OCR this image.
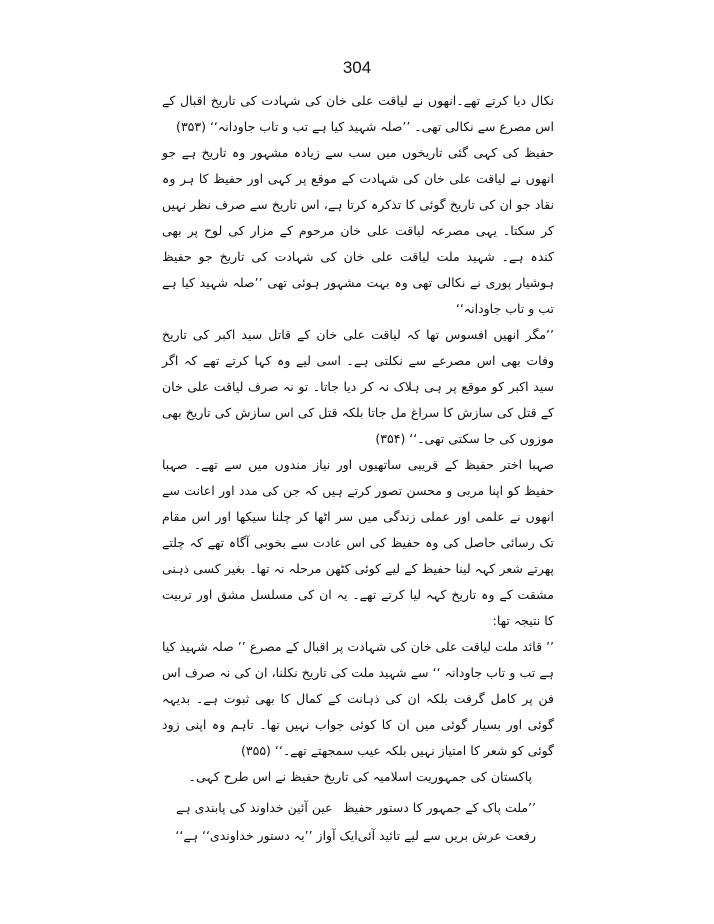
304

نکال دیا کرتے تھے۔انھوں نے لیاقت علی خان کی شہادت کی تاریخ اقبال کے اس مصرع سے نکالی تھی۔ ’’صلہ شہید کیا ہے تب و تاب جاودانہ‘‘ (۳۵۳)

حفیظ کی کہی گئی تاریخوں میں سب سے زیادہ مشہور وہ تاریخ ہے جو انھوں نے لیاقت علی خان کی شہادت کے موقع پر کہی اور حفیظ کا ہر وہ نقاد جو ان کی تاریخ گوئی کا تذکرہ کرتا ہے، اس تاریخ سے صرف نظر نہیں کر سکتا۔ یہی مصرعہ لیاقت علی خان مرحوم کے مزار کی لوح پر بھی کندہ ہے۔ شہید ملت لیاقت علی خان کی شہادت کی تاریخ جو حفیظ ہوشیار پوری نے نکالی تھی وہ بہت مشہور ہوئی تھی ’’صلہ شہید کیا ہے تب و تاب جاودانہ‘‘

’’مگر انھیں افسوس تھا کہ لیاقت علی خان کے قاتل سید اکبر کی تاریخ وفات بھی اس مصرعے سے نکلتی ہے۔ اسی لیے وہ کہا کرتے تھے کہ اگر سید اکبر کو موقع پر ہی ہلاک نہ کر دیا جاتا۔ تو نہ صرف لیاقت علی خان کے قتل کی سازش کا سراغ مل جاتا بلکہ قتل کی اس سازش کی تاریخ بھی موزوں کی جا سکتی تھی۔‘‘ (۳۵۴)

صہبا اختر حفیظ کے قریبی ساتھیوں اور نیاز مندوں میں سے تھے۔ صہبا حفیظ کو اپنا مربی و محسن تصور کرتے ہیں کہ جن کی مدد اور اعانت سے انھوں نے علمی اور عملی زندگی میں سر اٹھا کر چلنا سیکھا اور اس مقام تک رسائی حاصل کی وہ حفیظ کی اس عادت سے بخوبی آگاہ تھے کہ چلتے پھرتے شعر کہہ لینا حفیظ کے لیے کوئی کٹھن مرحلہ نہ تھا۔ بغیر کسی ذہنی مشقت کے وہ تاریخ کہہ لیا کرتے تھے۔ یہ ان کی مسلسل مشق اور تربیت کا نتیجہ تھا:

’’ قائد ملت لیاقت علی خان کی شہادت پر اقبال کے مصرع ’’ صلہ شہید کیا ہے تب و تاب جاودانہ ‘‘ سے شہید ملت کی تاریخ نکلنا، ان کی نہ صرف اس فن پر کامل گرفت بلکہ ان کی ذہانت کے کمال کا بھی ثبوت ہے۔ بدیہہ گوئی اور بسیار گوئی میں ان کا کوئی جواب نہیں تھا۔ تاہم وہ اپنی زود گوئی کو شعر کا امتیاز نہیں بلکہ عیب سمجھتے تھے۔‘‘ (۳۵۵)

پاکستان کی جمہوریت اسلامیہ کی تاریخ حفیظ نے اس طرح کہی۔

’’ملت پاک کے جمہور کا دستور حفیظ
عین آئین خداوند کی پابندی ہے
رفعت عرش بریں سے لیے تائید آئی
ایک آواز ’’یہ دستور خداوندی‘‘ ہے‘‘
